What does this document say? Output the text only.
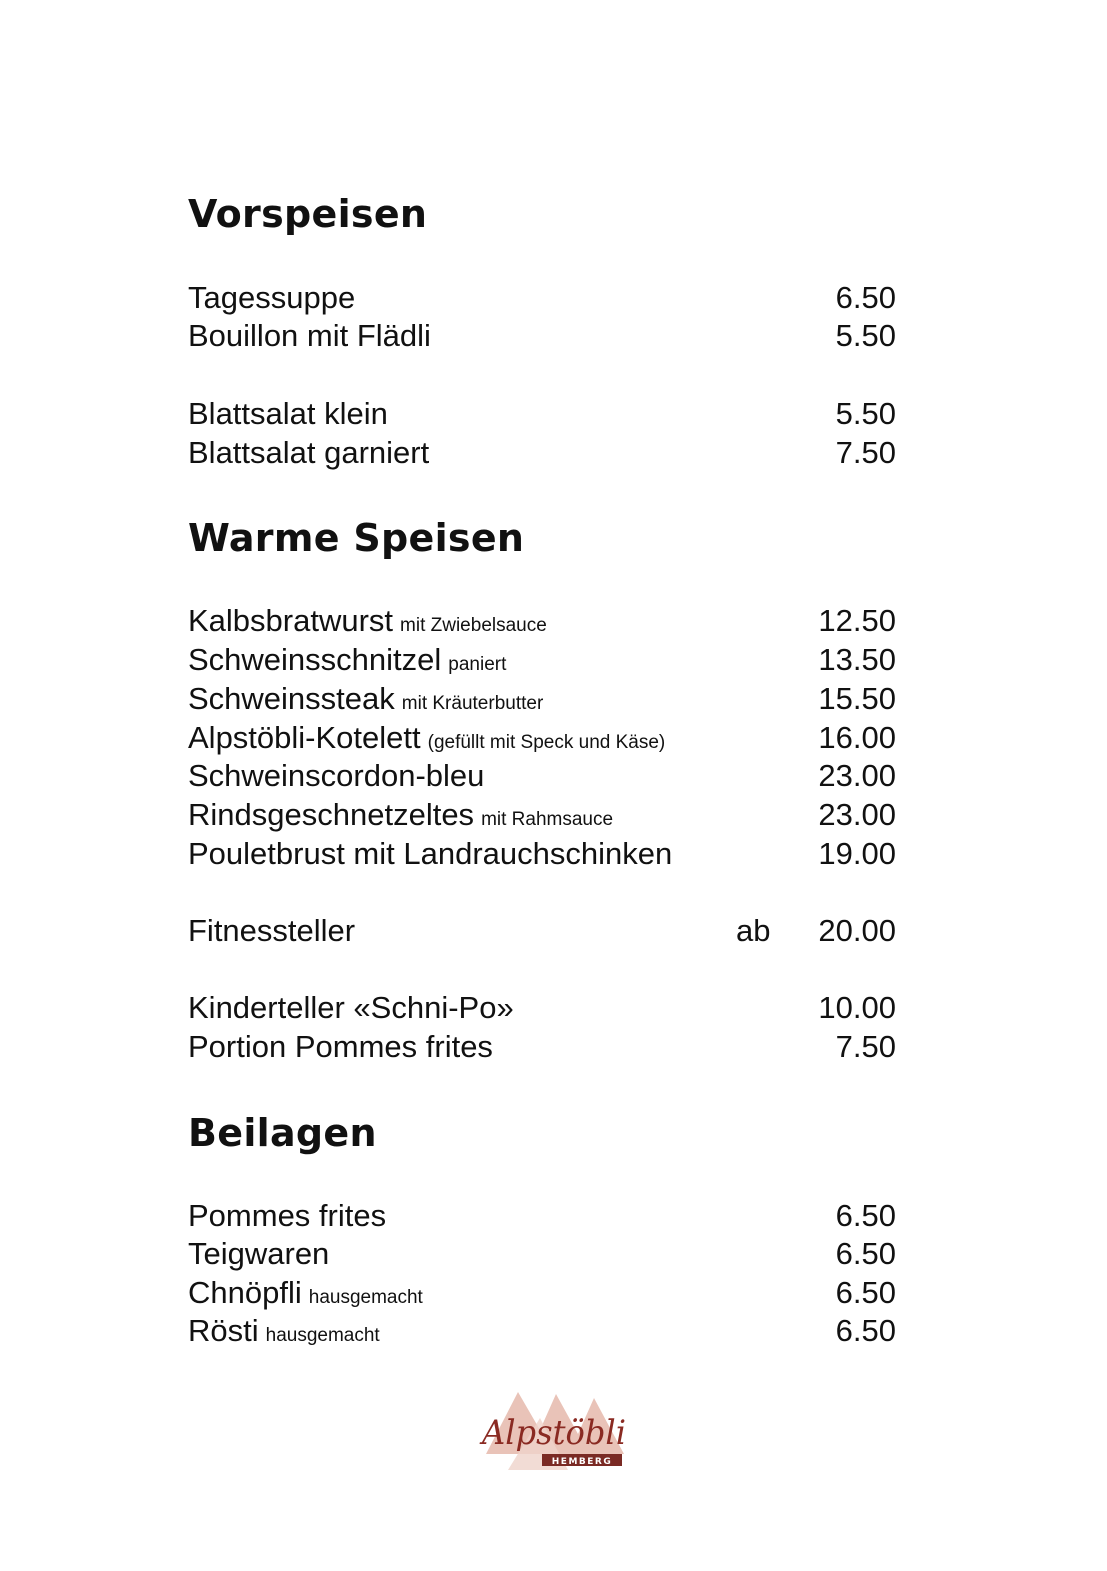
Vorspeisen
Warme Speisen
Beilagen
Tagessuppe	6.50
Bouillon mit Flädli	5.50
Blattsalat klein	5.50
Blattsalat garniert	7.50
Kalbsbratwurst mit Zwiebelsauce	12.50
Schweinsschnitzel paniert	13.50
Schweinssteak mit Kräuterbutter	15.50
Alpstöbli-Kotelett (gefüllt mit Speck und Käse)	16.00
Schweinscordon-bleu	23.00
Rindsgeschnetzeltes mit Rahmsauce	23.00
Pouletbrust mit Landrauchschinken	19.00
Fitnessteller	ab	20.00
Kinderteller «Schni-Po»	10.00
Portion Pommes frites	7.50
Pommes frites	6.50
Teigwaren	6.50
Chnöpfli hausgemacht	6.50
Rösti hausgemacht	6.50
Alpstöbli
HEMBERG
